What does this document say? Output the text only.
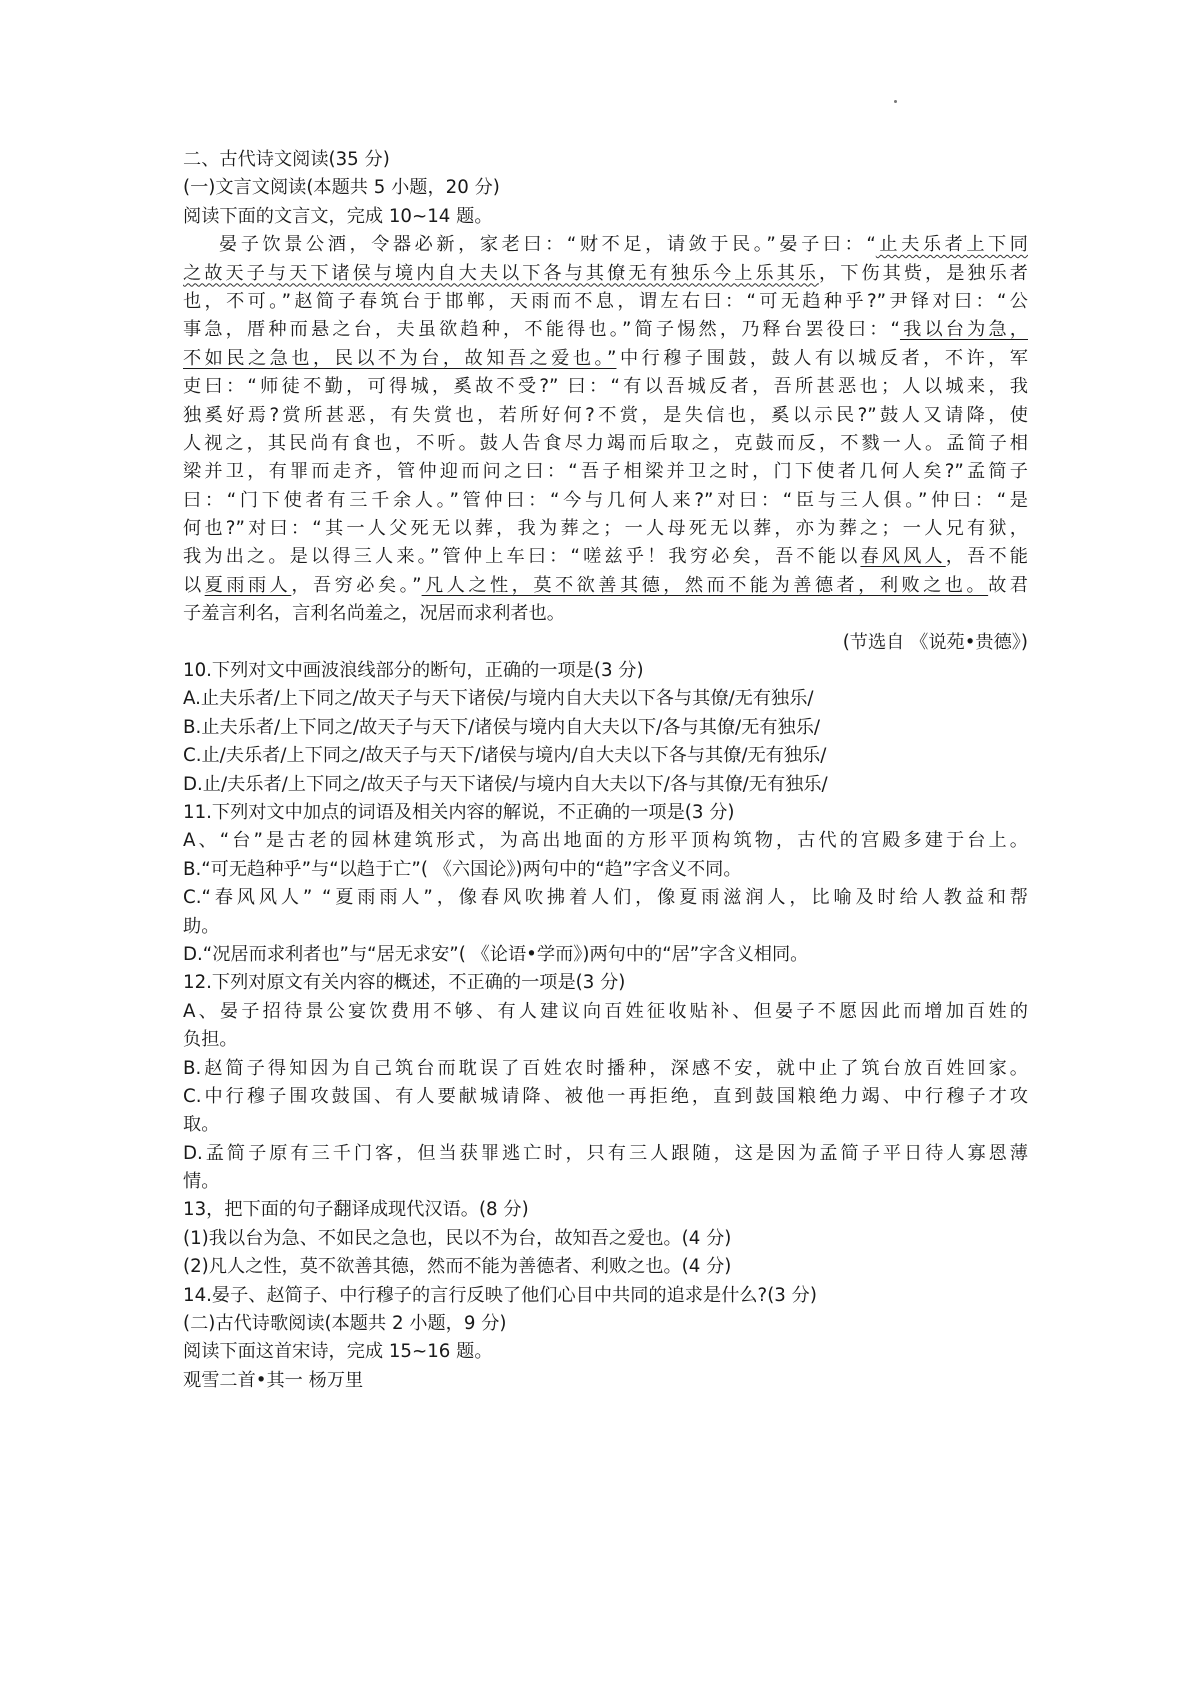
二、古代诗文阅读(35 分)

(一)文言文阅读(本题共 5 小题，20 分)

阅读下面的文言文，完成 10~14 题。

晏子饮景公酒，令器必新，家老曰：“财不足，请敛于民。”晏子曰：“止夫乐者上下同

之故天子与天下诸侯与境内自大夫以下各与其僚无有独乐今上乐其乐，下伤其赀，是独乐者

也，不可。”赵简子春筑台于邯郸，天雨而不息，谓左右曰：“可无趋种乎?”尹铎对曰：“公

事急，厝种而悬之台，夫虽欲趋种，不能得也。”简子惕然，乃释台罢役曰：“我以台为急，

不如民之急也，民以不为台，故知吾之爱也。”中行穆子围鼓，鼓人有以城反者，不许，军

吏曰：“师徒不勤，可得城，奚故不受?” 曰：“有以吾城反者，吾所甚恶也；人以城来，我

独奚好焉?赏所甚恶，有失赏也，若所好何?不赏，是失信也，奚以示民?”鼓人又请降，使

人视之，其民尚有食也，不听。鼓人告食尽力竭而后取之，克鼓而反，不戮一人。孟简子相

梁并卫，有罪而走齐，管仲迎而问之曰：“吾子相梁并卫之时，门下使者几何人矣?”孟简子

曰：“门下使者有三千余人。”管仲曰：“今与几何人来?”对曰：“臣与三人俱。”仲曰：“是

何也?”对曰：“其一人父死无以葬，我为葬之；一人母死无以葬，亦为葬之；一人兄有狱，

我为出之。是以得三人来。”管仲上车曰：“嗟兹乎！我穷必矣，吾不能以春风风人，吾不能

以夏雨雨人，吾穷必矣。”凡人之性，莫不欲善其德，然而不能为善德者，利败之也。故君

子羞言利名，言利名尚羞之，况居而求利者也。

(节选自 《说苑•贵德》)

10.下列对文中画波浪线部分的断句，正确的一项是(3 分)

A.止夫乐者/上下同之/故天子与天下诸侯/与境内自大夫以下各与其僚/无有独乐/

B.止夫乐者/上下同之/故天子与天下/诸侯与境内自大夫以下/各与其僚/无有独乐/

C.止/夫乐者/上下同之/故天子与天下/诸侯与境内/自大夫以下各与其僚/无有独乐/

D.止/夫乐者/上下同之/故天子与天下诸侯/与境内自大夫以下/各与其僚/无有独乐/

11.下列对文中加点的词语及相关内容的解说，不正确的一项是(3 分)

A、“台”是古老的园林建筑形式，为高出地面的方形平顶构筑物，古代的宫殿多建于台上。

B.“可无趋种乎”与“以趋于亡”( 《六国论》)两句中的“趋”字含义不同。

C.“春风风人” “夏雨雨人”，像春风吹拂着人们，像夏雨滋润人，比喻及时给人教益和帮

助。

D.“况居而求利者也”与“居无求安”( 《论语•学而》)两句中的“居”字含义相同。

12.下列对原文有关内容的概述，不正确的一项是(3 分)

A、晏子招待景公宴饮费用不够、有人建议向百姓征收贴补、但晏子不愿因此而增加百姓的

负担。

B.赵简子得知因为自己筑台而耽误了百姓农时播种，深感不安，就中止了筑台放百姓回家。

C.中行穆子围攻鼓国、有人要献城请降、被他一再拒绝，直到鼓国粮绝力竭、中行穆子才攻

取。

D.孟简子原有三千门客，但当获罪逃亡时，只有三人跟随，这是因为孟简子平日待人寡恩薄

情。

13，把下面的句子翻译成现代汉语。(8 分)

(1)我以台为急、不如民之急也，民以不为台，故知吾之爱也。(4 分)

(2)凡人之性，莫不欲善其德，然而不能为善德者、利败之也。(4 分)

14.晏子、赵简子、中行穆子的言行反映了他们心目中共同的追求是什么?(3 分)

(二)古代诗歌阅读(本题共 2 小题，9 分)

阅读下面这首宋诗，完成 15~16 题。

观雪二首•其一 杨万里
